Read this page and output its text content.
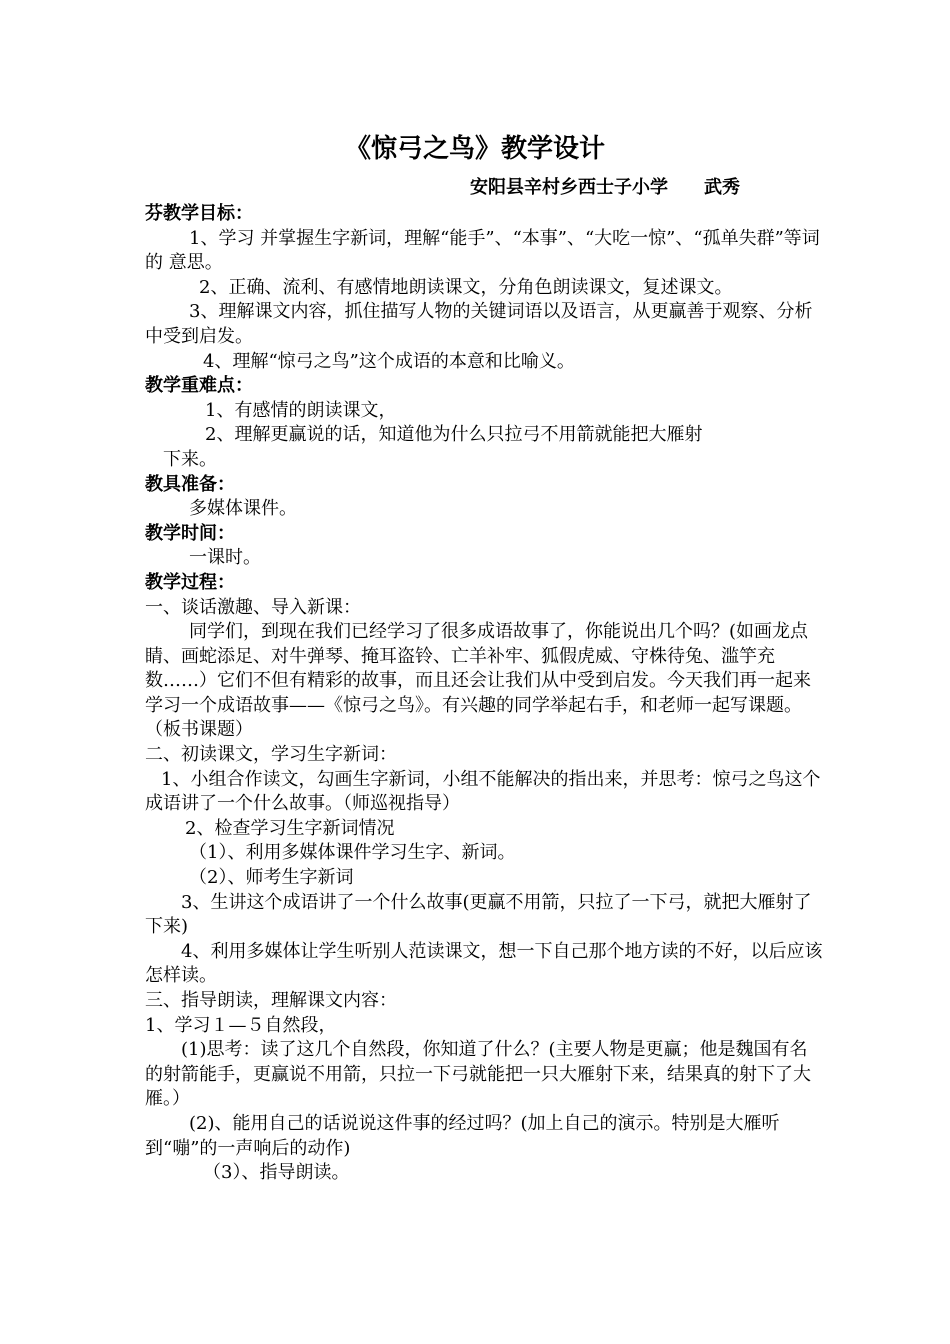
《惊弓之鸟》教学设计
安阳县辛村乡西士子小学　　武秀

芬教学目标：

1、学习 并掌握生字新词，理解“能手”、“本事”、“大吃一惊”、“孤单失群”等词的 意思。

2、正确、流利、有感情地朗读课文，分角色朗读课文，复述课文。

3、理解课文内容，抓住描写人物的关键词语以及语言，从更赢善于观察、分析中受到启发。

4、理解“惊弓之鸟”这个成语的本意和比喻义。

教学重难点：

1、有感情的朗读课文，

2、理解更赢说的话，知道他为什么只拉弓不用箭就能把大雁射

下来。

教具准备：

多媒体课件。

教学时间：

一课时。

教学过程：

一、谈话激趣、导入新课：

同学们，到现在我们已经学习了很多成语故事了，你能说出几个吗？(如画龙点睛、画蛇添足、对牛弹琴、掩耳盗铃、亡羊补牢、狐假虎威、守株待兔、滥竽充数……）它们不但有精彩的故事，而且还会让我们从中受到启发。今天我们再一起来学习一个成语故事——《惊弓之鸟》。有兴趣的同学举起右手，和老师一起写课题。（板书课题）

二、初读课文，学习生字新词：

1、小组合作读文，勾画生字新词，小组不能解决的指出来，并思考：惊弓之鸟这个成语讲了一个什么故事。（师巡视指导）

2、检查学习生字新词情况

（1）、利用多媒体课件学习生字、新词。

（2）、师考生字新词

3、生讲这个成语讲了一个什么故事(更赢不用箭，只拉了一下弓，就把大雁射了下来)

4、利用多媒体让学生听别人范读课文，想一下自己那个地方读的不好，以后应该怎样读。

三、指导朗读，理解课文内容：

1、学习１—５自然段，

(1)思考：读了这几个自然段，你知道了什么？(主要人物是更赢；他是魏国有名的射箭能手，更赢说不用箭，只拉一下弓就能把一只大雁射下来，结果真的射下了大雁。）

(2)、能用自己的话说说这件事的经过吗？(加上自己的演示。特别是大雁听到“嘣”的一声响后的动作)

（3）、指导朗读。
